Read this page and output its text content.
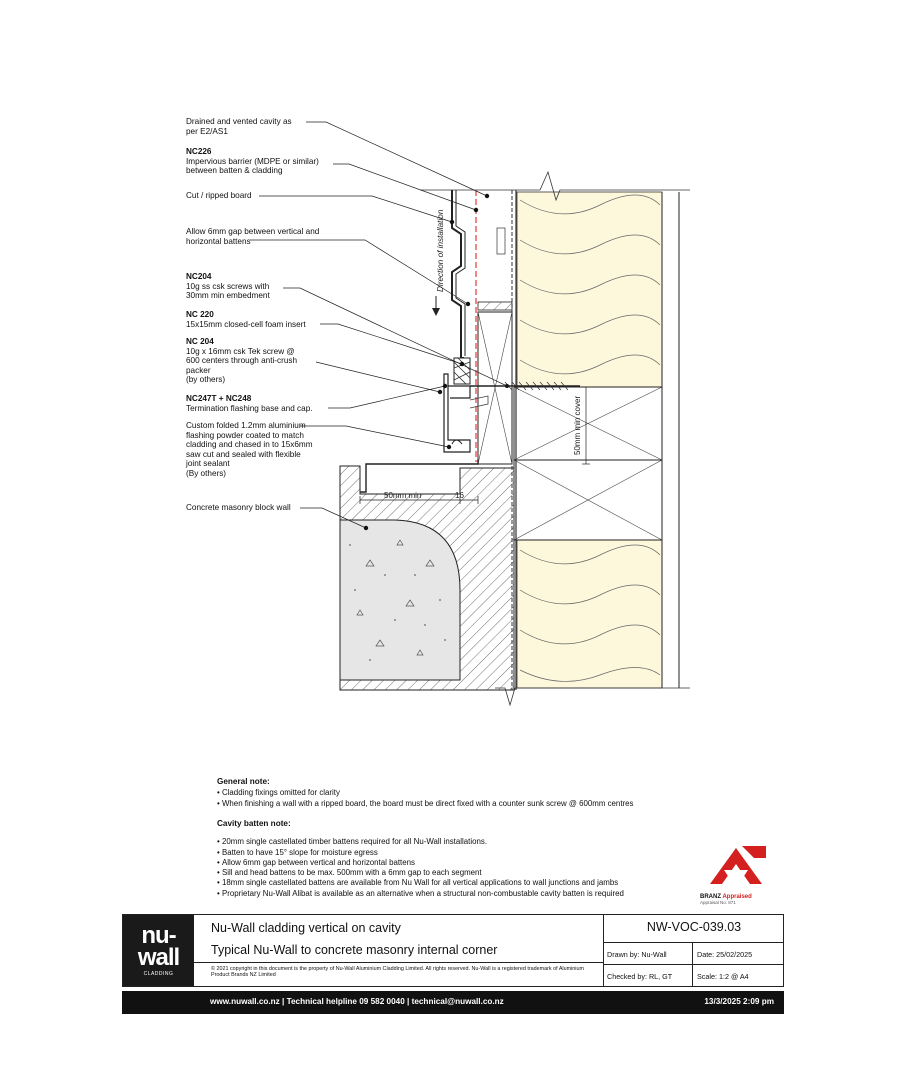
Direction of installation
50mm min	16
50mm min cover
Drained and vented cavity as
per E2/AS1
NC226
Impervious barrier (MDPE or similar)
between batten & cladding
Cut / ripped board
Allow 6mm gap between vertical and
horizontal battens
NC204
10g ss csk screws with
30mm min embedment
NC 220
15x15mm closed-cell foam insert
NC 204
10g x 16mm csk Tek screw @
600 centers through anti-crush
packer
(by others)
NC247T + NC248
Termination flashing base and cap.
Custom folded 1.2mm aluminium
flashing powder coated to match
cladding and chased in to 15x6mm
saw cut and sealed with flexible
joint sealant
(By others)
Concrete masonry block wall
General note:
• Cladding fixings omitted for clarity
• When finishing a wall with a ripped board, the board must be direct fixed with a counter sunk screw @ 600mm centres
Cavity batten note:
• 20mm single castellated timber battens required for all Nu-Wall installations.
• Batten to have 15° slope for moisture egress
• Allow 6mm gap between vertical and horizontal battens
• Sill and head battens to be max. 500mm with a 6mm gap to each segment
• 18mm single castellated battens are available from Nu Wall for all vertical applications to wall junctions and jambs
• Proprietary Nu-Wall Alibat is available as an alternative when a structural non-combustable cavity batten is required	BRANZ Appraised
Appraisal No. 871
nu-
wall
CLADDING
Nu-Wall cladding vertical on cavity
Typical Nu-Wall to concrete masonry internal corner
© 2021 copyright in this document is the property of Nu-Wall Aluminium Cladding Limited. All rights reserved. Nu-Wall is a registered trademark of Aluminium Product Brands NZ Limited
NW-VOC-039.03
Drawn by: Nu-Wall	Date: 25/02/2025
Checked by: RL, GT	Scale: 1:2 @ A4
www.nuwall.co.nz | Technical helpline 09 582 0040 | technical@nuwall.co.nz	13/3/2025 2:09 pm
